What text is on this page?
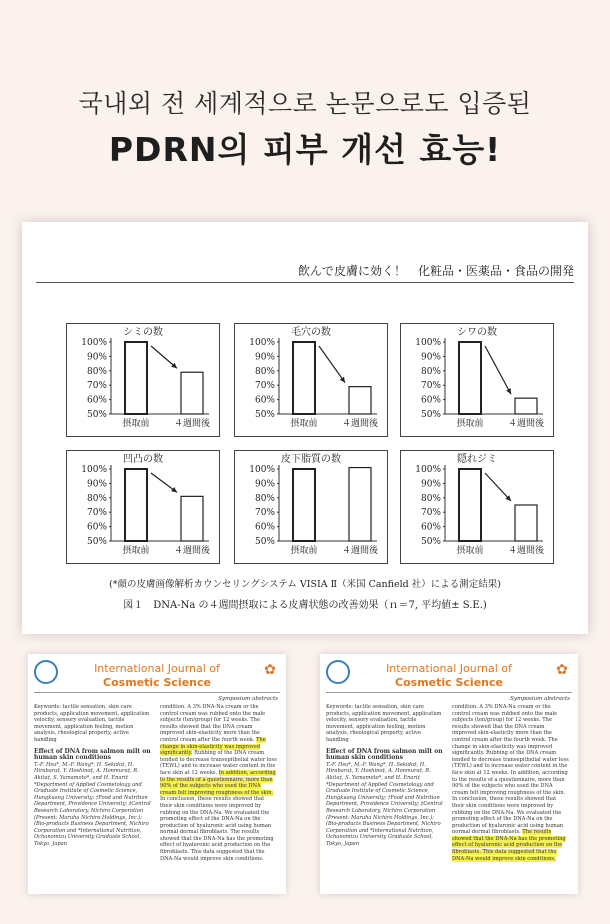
국내외 전 세계적으로 논문으로도 입증된
PDRN의 피부 개선 효능!
飲んで皮膚に効く！　化粧品・医薬品・食品の開発
100%
90%
80%
70%
60%
50%
摂取前	４週間後
シミの数
100%
90%
80%
70%
60%
50%
摂取前	４週間後
毛穴の数
100%
90%
80%
70%
60%
50%
摂取前	４週間後
シワの数
100%
90%
80%
70%
60%
50%
摂取前	４週間後
凹凸の数
100%
90%
80%
70%
60%
50%
摂取前	４週間後
皮下脂質の数
100%
90%
80%
70%
60%
50%
摂取前	４週間後
隠れジミ
(*顔の皮膚画像解析カウンセリングシステム VISIA Ⅱ（米国 Canfield 社）による測定結果)
図１　DNA-Na の４週間摂取による皮膚状態の改善効果（ｎ＝7, 平均値± S.E.)
✿
International Journal of
Cosmetic Science
Symposium abstracts
Keywords: tactile sensation, skin care products, application movement, application velocity, sensory evaluation, tactile movement, application feeling, motion analysis, rheological property, active handling
Effect of DNA from salmon milt on human skin conditions
T.-F. Hsu*, M.-F. Wang*, H. Sekido‡, H. Hirabara‡, Y. Hoshino‡, A. Honmura‡, R. Akita‡, S. Yamamoto*, and H. Enari‡
*Department of Applied Cosmetology and Graduate Institute of Cosmetic Science, Hungkuang University; †Food and Nutrition Department, Providence University; ‡Central Research Laboratory, Nichiro Corporation (Present: Maruha Nichiro Holdings, Inc.); (Bio-products Business Department, Nichiro Corporation and *International Nutrition, Ochanomizu University Graduate School, Tokyo, Japan
condition. A 3% DNA-Na cream or the control cream was rubbed onto the male subjects (ten/group) for 12 weeks. The results showed that the DNA cream improved skin-elasticity more than the control cream after the fourth week. The change in skin-elasticity was improved significantly. Rubbing of the DNA cream tended to decrease transepithelial water loss (TEWL) and to increase water content in the face skin at 12 weeks. In addition, according to the results of a questionnaire, more than 90% of the subjects who used the DNA cream felt improving roughness of the skin. In conclusion, these results showed that their skin conditions were improved by rubbing on the DNA-Na. We evaluated the promoting effect of the DNA-Na on the production of hyaluronic acid using human normal dermal fibroblasts. The results showed that the DNA-Na has the promoting effect of hyaluronic acid production on the fibroblasts. This data suggested that the DNA-Na would improve skin conditions.
✿
International Journal of
Cosmetic Science
Symposium abstracts
Keywords: tactile sensation, skin care products, application movement, application velocity, sensory evaluation, tactile movement, application feeling, motion analysis, rheological property, active handling
Effect of DNA from salmon milt on human skin conditions
T.-F. Hsu*, M.-F. Wang*, H. Sekido‡, H. Hirabara‡, Y. Hoshino‡, A. Honmura‡, R. Akita‡, S. Yamamoto*, and H. Enari‡
*Department of Applied Cosmetology and Graduate Institute of Cosmetic Science, Hungkuang University; †Food and Nutrition Department, Providence University; ‡Central Research Laboratory, Nichiro Corporation (Present: Maruha Nichiro Holdings, Inc.); (Bio-products Business Department, Nichiro Corporation and *International Nutrition, Ochanomizu University Graduate School, Tokyo, Japan
condition. A 3% DNA-Na cream or the control cream was rubbed onto the male subjects (ten/group) for 12 weeks. The results showed that the DNA cream improved skin-elasticity more than the control cream after the fourth week. The change in skin-elasticity was improved significantly. Rubbing of the DNA cream tended to decrease transepithelial water loss (TEWL) and to increase water content in the face skin at 12 weeks. In addition, according to the results of a questionnaire, more than 90% of the subjects who used the DNA cream felt improving roughness of the skin. In conclusion, these results showed that their skin conditions were improved by rubbing on the DNA-Na. We evaluated the promoting effect of the DNA-Na on the production of hyaluronic acid using human normal dermal fibroblasts. The results showed that the DNA-Na has the promoting effect of hyaluronic acid production on the fibroblasts. This data suggested that the DNA-Na would improve skin conditions.
